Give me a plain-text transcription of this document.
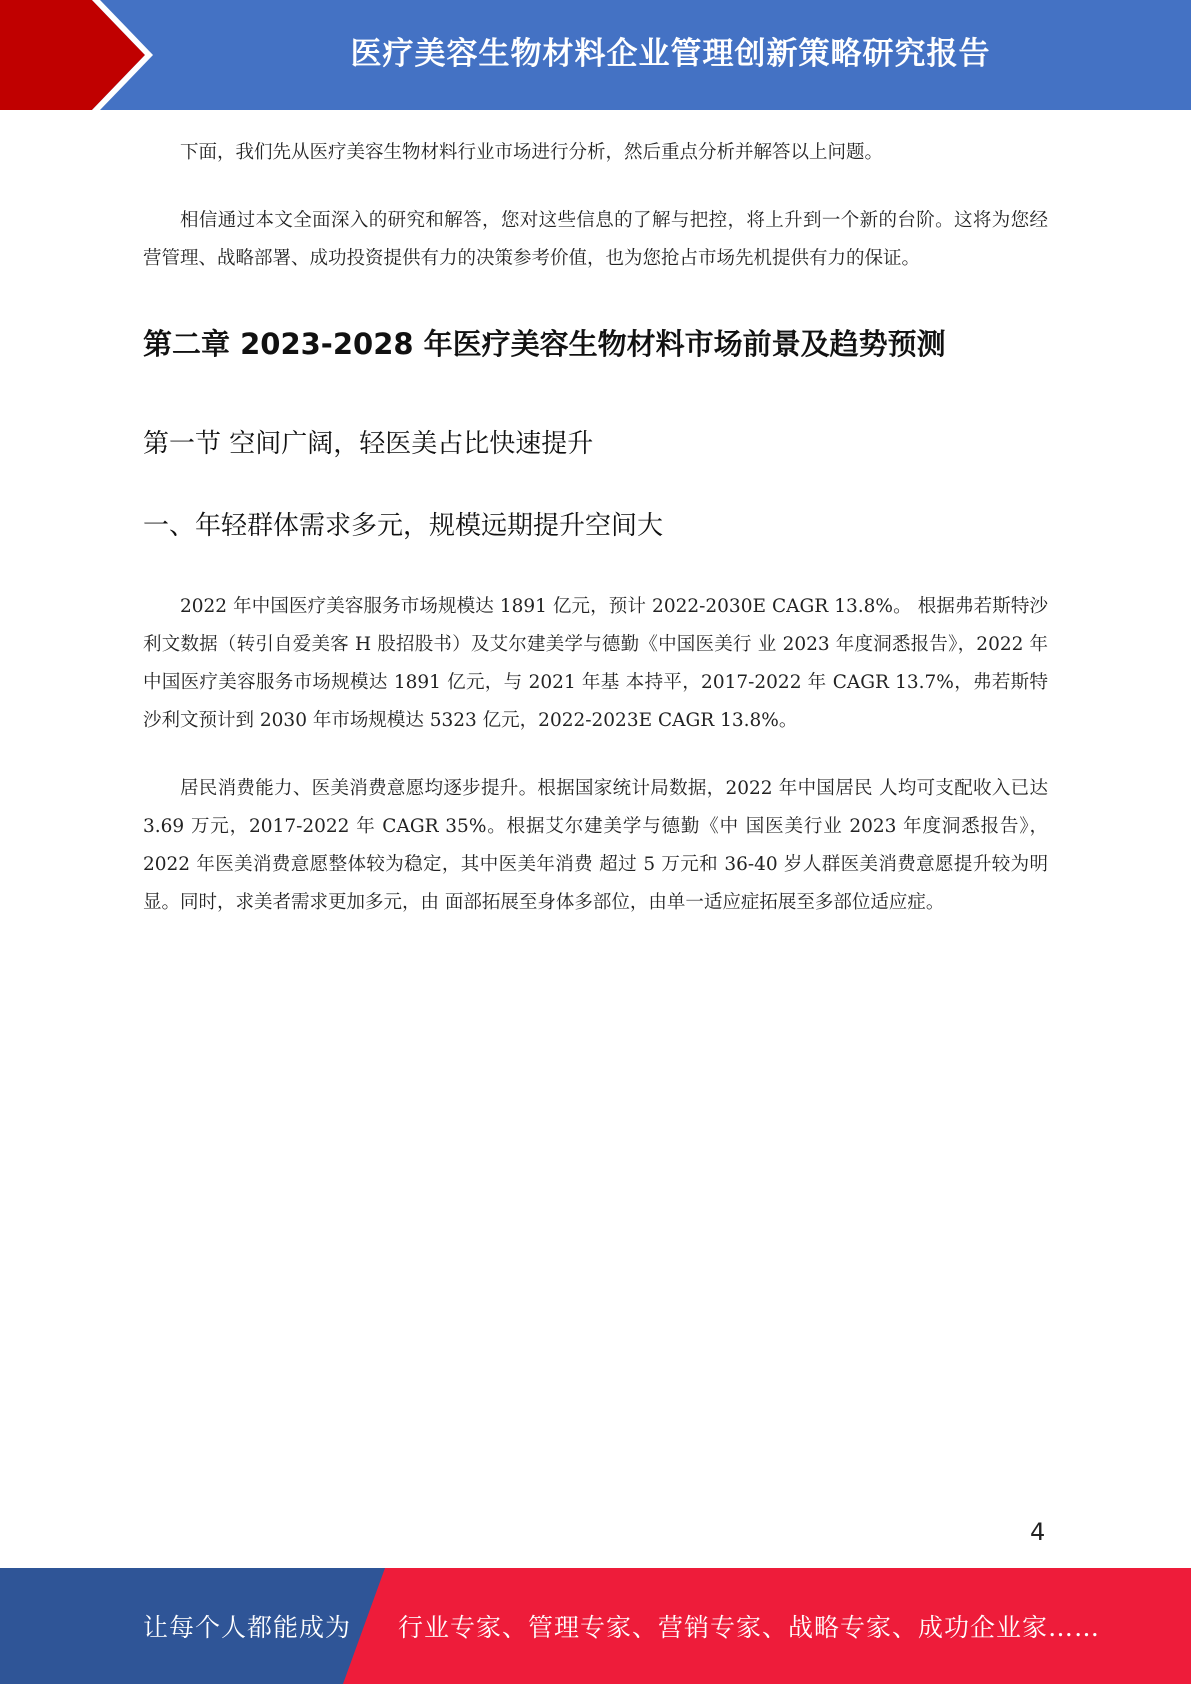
医疗美容生物材料企业管理创新策略研究报告

下面，我们先从医疗美容生物材料行业市场进行分析，然后重点分析并解答以上问题。

相信通过本文全面深入的研究和解答，您对这些信息的了解与把控，将上升到一个新的台阶。这将为您经营管理、战略部署、成功投资提供有力的决策参考价值，也为您抢占市场先机提供有力的保证。

第二章 2023-2028 年医疗美容生物材料市场前景及趋势预测
第一节 空间广阔，轻医美占比快速提升
一、年轻群体需求多元，规模远期提升空间大

2022 年中国医疗美容服务市场规模达 1891 亿元，预计 2022-2030E CAGR 13.8%。 根据弗若斯特沙利文数据（转引自爱美客 H 股招股书）及艾尔建美学与德勤《中国医美行 业 2023 年度洞悉报告》，2022 年中国医疗美容服务市场规模达 1891 亿元，与 2021 年基 本持平，2017-2022 年 CAGR 13.7%，弗若斯特沙利文预计到 2030 年市场规模达 5323 亿元，2022-2023E CAGR 13.8%。

居民消费能力、医美消费意愿均逐步提升。根据国家统计局数据，2022 年中国居民 人均可支配收入已达 3.69 万元，2017-2022 年 CAGR 35%。根据艾尔建美学与德勤《中 国医美行业 2023 年度洞悉报告》，2022 年医美消费意愿整体较为稳定，其中医美年消费 超过 5 万元和 36-40 岁人群医美消费意愿提升较为明显。同时，求美者需求更加多元，由 面部拓展至身体多部位，由单一适应症拓展至多部位适应症。

4
让每个人都能成为 行业专家、管理专家、营销专家、战略专家、成功企业家……
